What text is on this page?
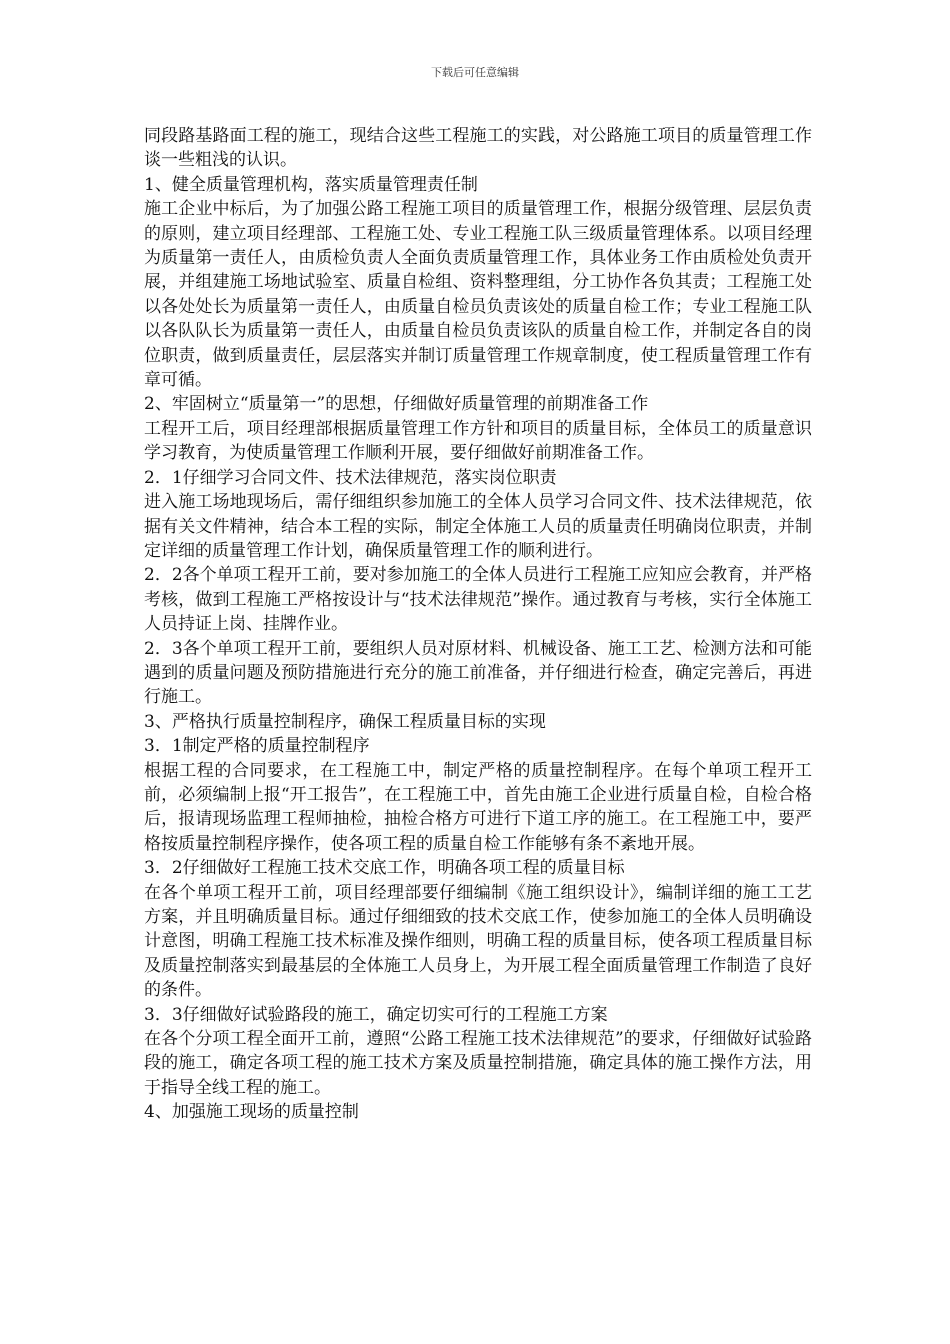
下载后可任意编辑

同段路基路面工程的施工，现结合这些工程施工的实践，对公路施工项目的质量管理工作谈一些粗浅的认识。

1、健全质量管理机构，落实质量管理责任制

施工企业中标后，为了加强公路工程施工项目的质量管理工作，根据分级管理、层层负责的原则，建立项目经理部、工程施工处、专业工程施工队三级质量管理体系。以项目经理为质量第一责任人，由质检负责人全面负责质量管理工作，具体业务工作由质检处负责开展，并组建施工场地试验室、质量自检组、资料整理组，分工协作各负其责；工程施工处以各处处长为质量第一责任人，由质量自检员负责该处的质量自检工作；专业工程施工队以各队队长为质量第一责任人，由质量自检员负责该队的质量自检工作，并制定各自的岗位职责，做到质量责任，层层落实并制订质量管理工作规章制度，使工程质量管理工作有章可循。

2、牢固树立“质量第一”的思想，仔细做好质量管理的前期准备工作

工程开工后，项目经理部根据质量管理工作方针和项目的质量目标，全体员工的质量意识学习教育，为使质量管理工作顺利开展，要仔细做好前期准备工作。

2．1仔细学习合同文件、技术法律规范，落实岗位职责

进入施工场地现场后，需仔细组织参加施工的全体人员学习合同文件、技术法律规范，依据有关文件精神，结合本工程的实际，制定全体施工人员的质量责任明确岗位职责，并制定详细的质量管理工作计划，确保质量管理工作的顺利进行。

2．2各个单项工程开工前，要对参加施工的全体人员进行工程施工应知应会教育，并严格考核，做到工程施工严格按设计与“技术法律规范”操作。通过教育与考核，实行全体施工人员持证上岗、挂牌作业。

2．3各个单项工程开工前，要组织人员对原材料、机械设备、施工工艺、检测方法和可能遇到的质量问题及预防措施进行充分的施工前准备，并仔细进行检查，确定完善后，再进行施工。

3、严格执行质量控制程序，确保工程质量目标的实现

3．1制定严格的质量控制程序

根据工程的合同要求，在工程施工中，制定严格的质量控制程序。在每个单项工程开工前，必须编制上报“开工报告”，在工程施工中，首先由施工企业进行质量自检，自检合格后，报请现场监理工程师抽检，抽检合格方可进行下道工序的施工。在工程施工中，要严格按质量控制程序操作，使各项工程的质量自检工作能够有条不紊地开展。

3．2仔细做好工程施工技术交底工作，明确各项工程的质量目标

在各个单项工程开工前，项目经理部要仔细编制《施工组织设计》，编制详细的施工工艺方案，并且明确质量目标。通过仔细细致的技术交底工作，使参加施工的全体人员明确设计意图，明确工程施工技术标准及操作细则，明确工程的质量目标，使各项工程质量目标及质量控制落实到最基层的全体施工人员身上，为开展工程全面质量管理工作制造了良好的条件。

3．3仔细做好试验路段的施工，确定切实可行的工程施工方案

在各个分项工程全面开工前，遵照“公路工程施工技术法律规范”的要求，仔细做好试验路段的施工，确定各项工程的施工技术方案及质量控制措施，确定具体的施工操作方法，用于指导全线工程的施工。

4、加强施工现场的质量控制
